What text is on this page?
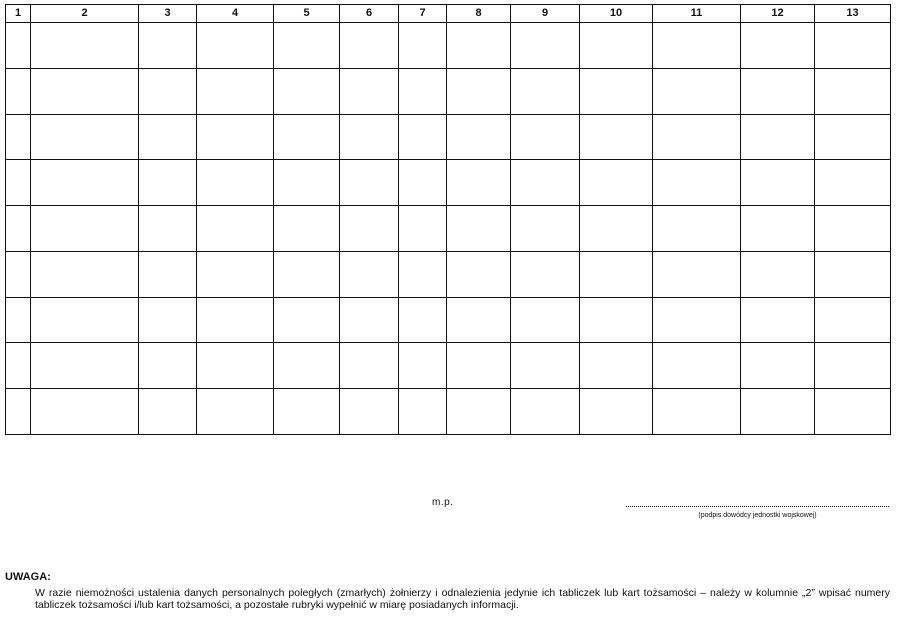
1	2	3	4	5	6	7	8	9	10	11	12	13

m.p.
(podpis dowódcy jednostki wojskowej)
UWAGA:
W razie niemożności ustalenia danych personalnych poległych (zmarłych) żołnierzy i odnalezienia jedynie ich tabliczek lub kart tożsamości – należy w kolumnie „2” wpisać numery tabliczek tożsamości i/lub kart tożsamości, a pozostałe rubryki wypełnić w miarę posiadanych informacji.
